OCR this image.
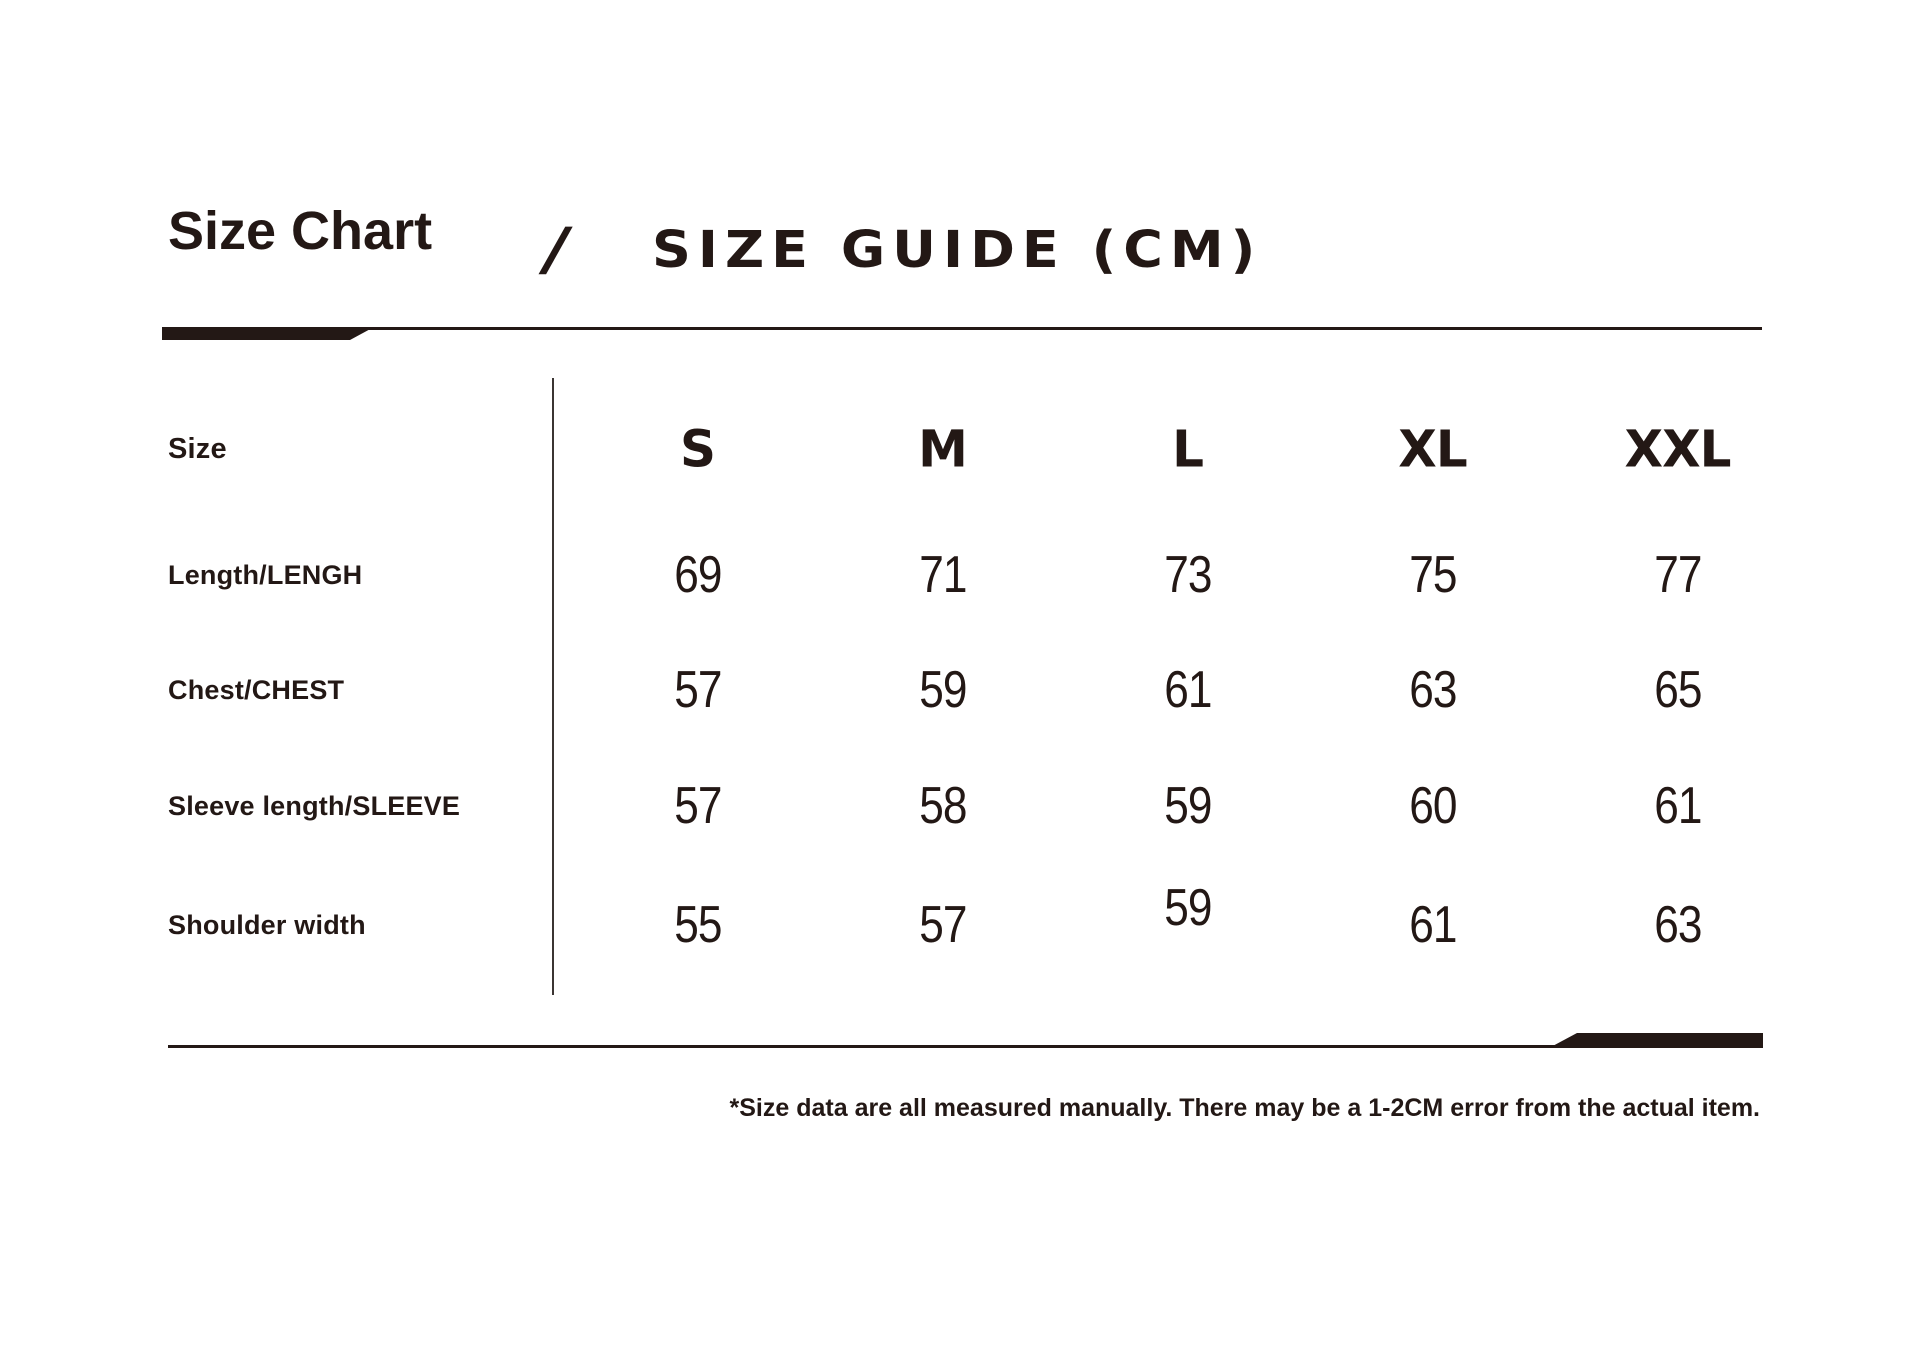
Size Chart / SIZE GUIDE (CM)
Size	S	M	L	XL	XXL
Length/LENGH	69	71	73	75	77
Chest/CHEST	57	59	61	63	65
Sleeve length/SLEEVE	57	58	59	60	61
Shoulder width	55	57	59	61	63
*Size data are all measured manually. There may be a 1-2CM error from the actual item.
